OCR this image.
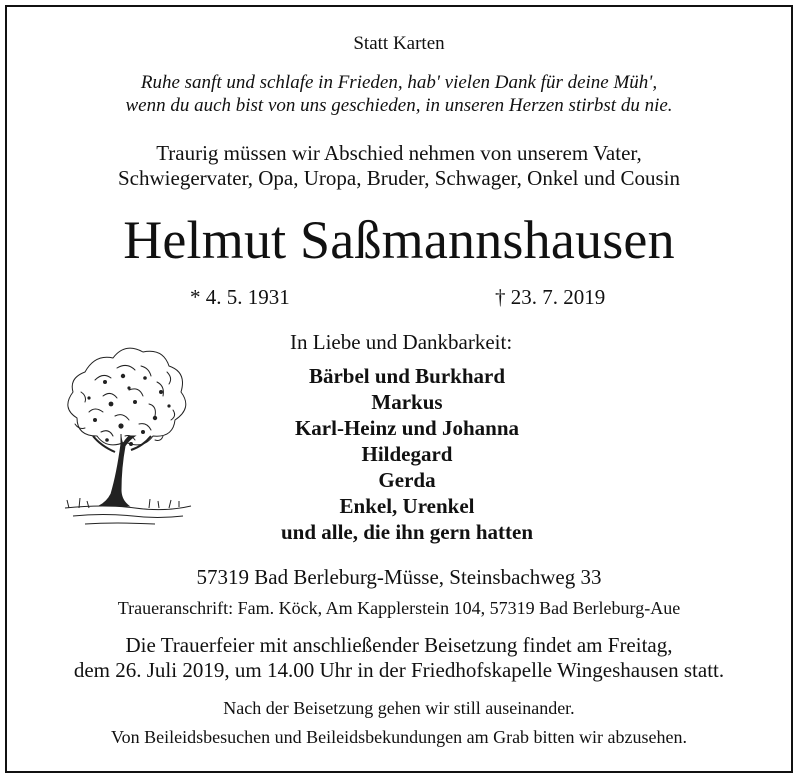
Statt Karten
Ruhe sanft und schlafe in Frieden, hab' vielen Dank für deine Müh',
wenn du auch bist von uns geschieden, in unseren Herzen stirbst du nie.
Traurig müssen wir Abschied nehmen von unserem Vater,
Schwiegervater, Opa, Uropa, Bruder, Schwager, Onkel und Cousin
Helmut Saßmannshausen
* 4. 5. 1931	† 23. 7. 2019
In Liebe und Dankbarkeit:
Bärbel und Burkhard
Markus
Karl-Heinz und Johanna
Hildegard
Gerda
Enkel, Urenkel
und alle, die ihn gern hatten
57319 Bad Berleburg-Müsse, Steinsbachweg 33
Traueranschrift: Fam. Köck, Am Kapplerstein 104, 57319 Bad Berleburg-Aue
Die Trauerfeier mit anschließender Beisetzung findet am Freitag,
dem 26. Juli 2019, um 14.00 Uhr in der Friedhofskapelle Wingeshausen statt.
Nach der Beisetzung gehen wir still auseinander.
Von Beileidsbesuchen und Beileidsbekundungen am Grab bitten wir abzusehen.
